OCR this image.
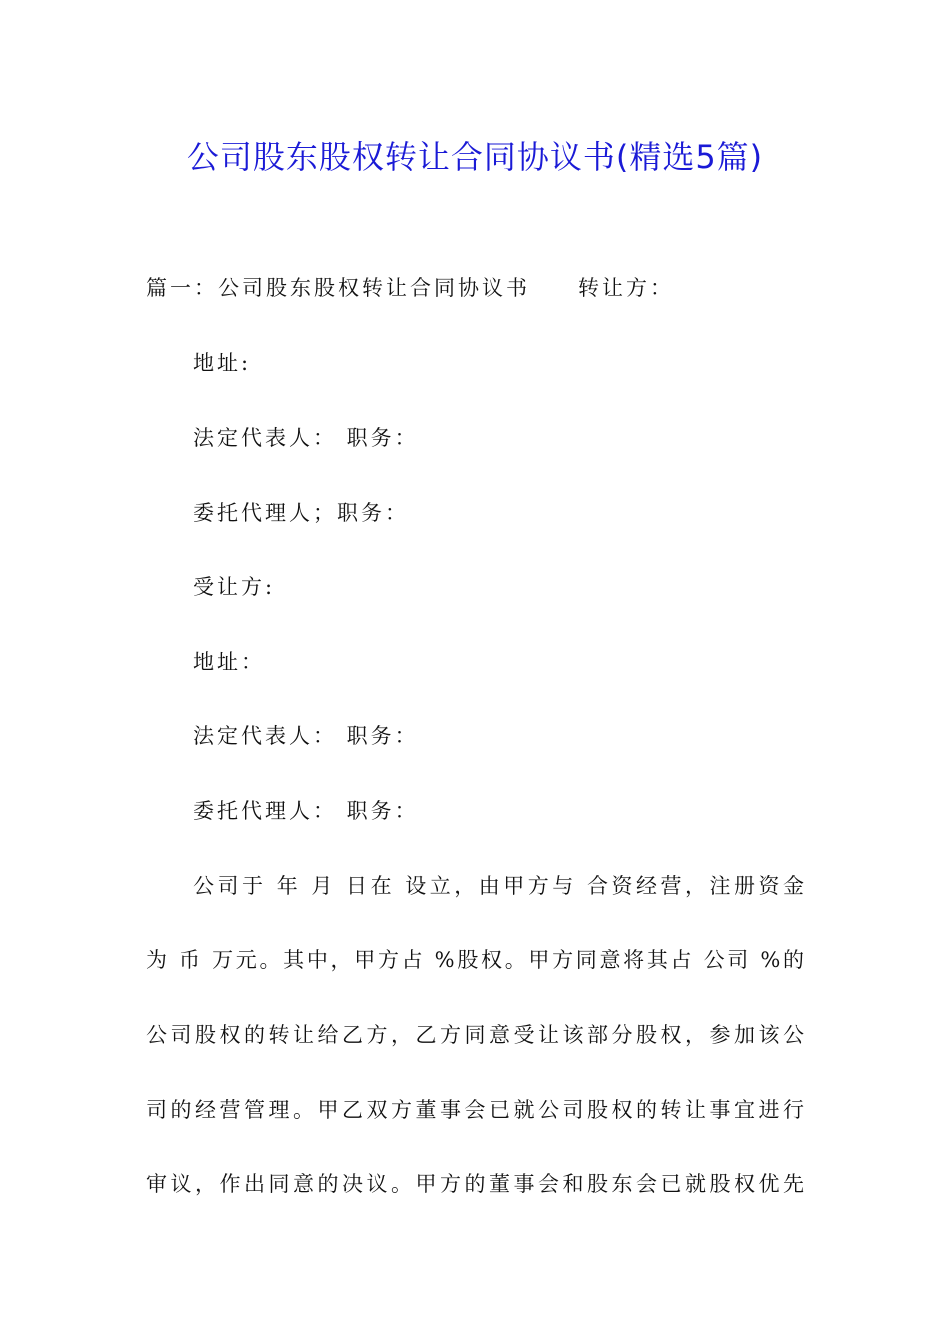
公司股东股权转让合同协议书(精选5篇)

篇一：公司股东股权转让合同协议书 转让方：

地址:

法定代表人： 职务：

委托代理人；职务：

受让方:

地址：

法定代表人： 职务：

委托代理人： 职务：

公司于 年 月 日在 设立，由甲方与 合资经营，注册资金

为 币 万元。其中，甲方占 %股权。甲方同意将其占 公司 %的

公司股权的转让给乙方，乙方同意受让该部分股权，参加该公

司的经营管理。甲乙双方董事会已就公司股权的转让事宜进行

审议，作出同意的决议。甲方的董事会和股东会已就股权优先
